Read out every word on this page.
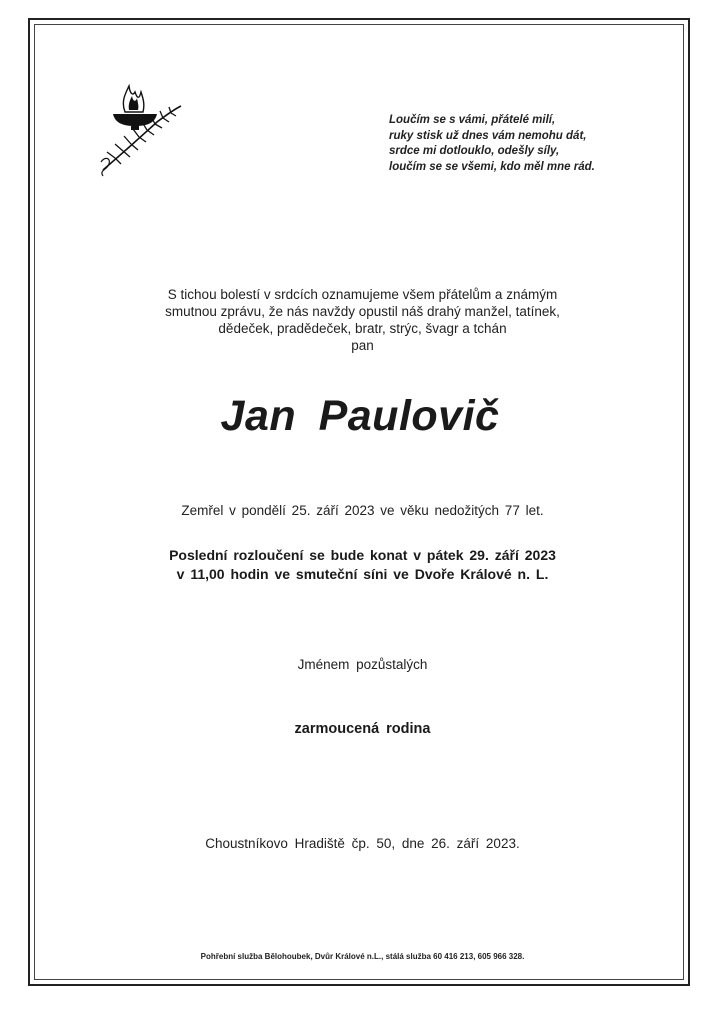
Loučím se s vámi, přátelé milí,
ruky stisk už dnes vám nemohu dát,
srdce mi dotlouklo, odešly síly,
loučím se se všemi, kdo měl mne rád.
S tichou bolestí v srdcích oznamujeme všem přátelům a známým
smutnou zprávu, že nás navždy opustil náš drahý manžel, tatínek,
dědeček, pradědeček, bratr, strýc, švagr a tchán
pan
Jan Paulovič
Zemřel v pondělí 25. září 2023 ve věku nedožitých 77 let.
Poslední rozloučení se bude konat v pátek 29. září 2023
v 11,00 hodin ve smuteční síni ve Dvoře Králové n. L.
Jménem pozůstalých
zarmoucená rodina
Choustníkovo Hradiště čp. 50, dne 26. září 2023.
Pohřební služba Bělohoubek, Dvůr Králové n.L., stálá služba 60 416 213, 605 966 328.
